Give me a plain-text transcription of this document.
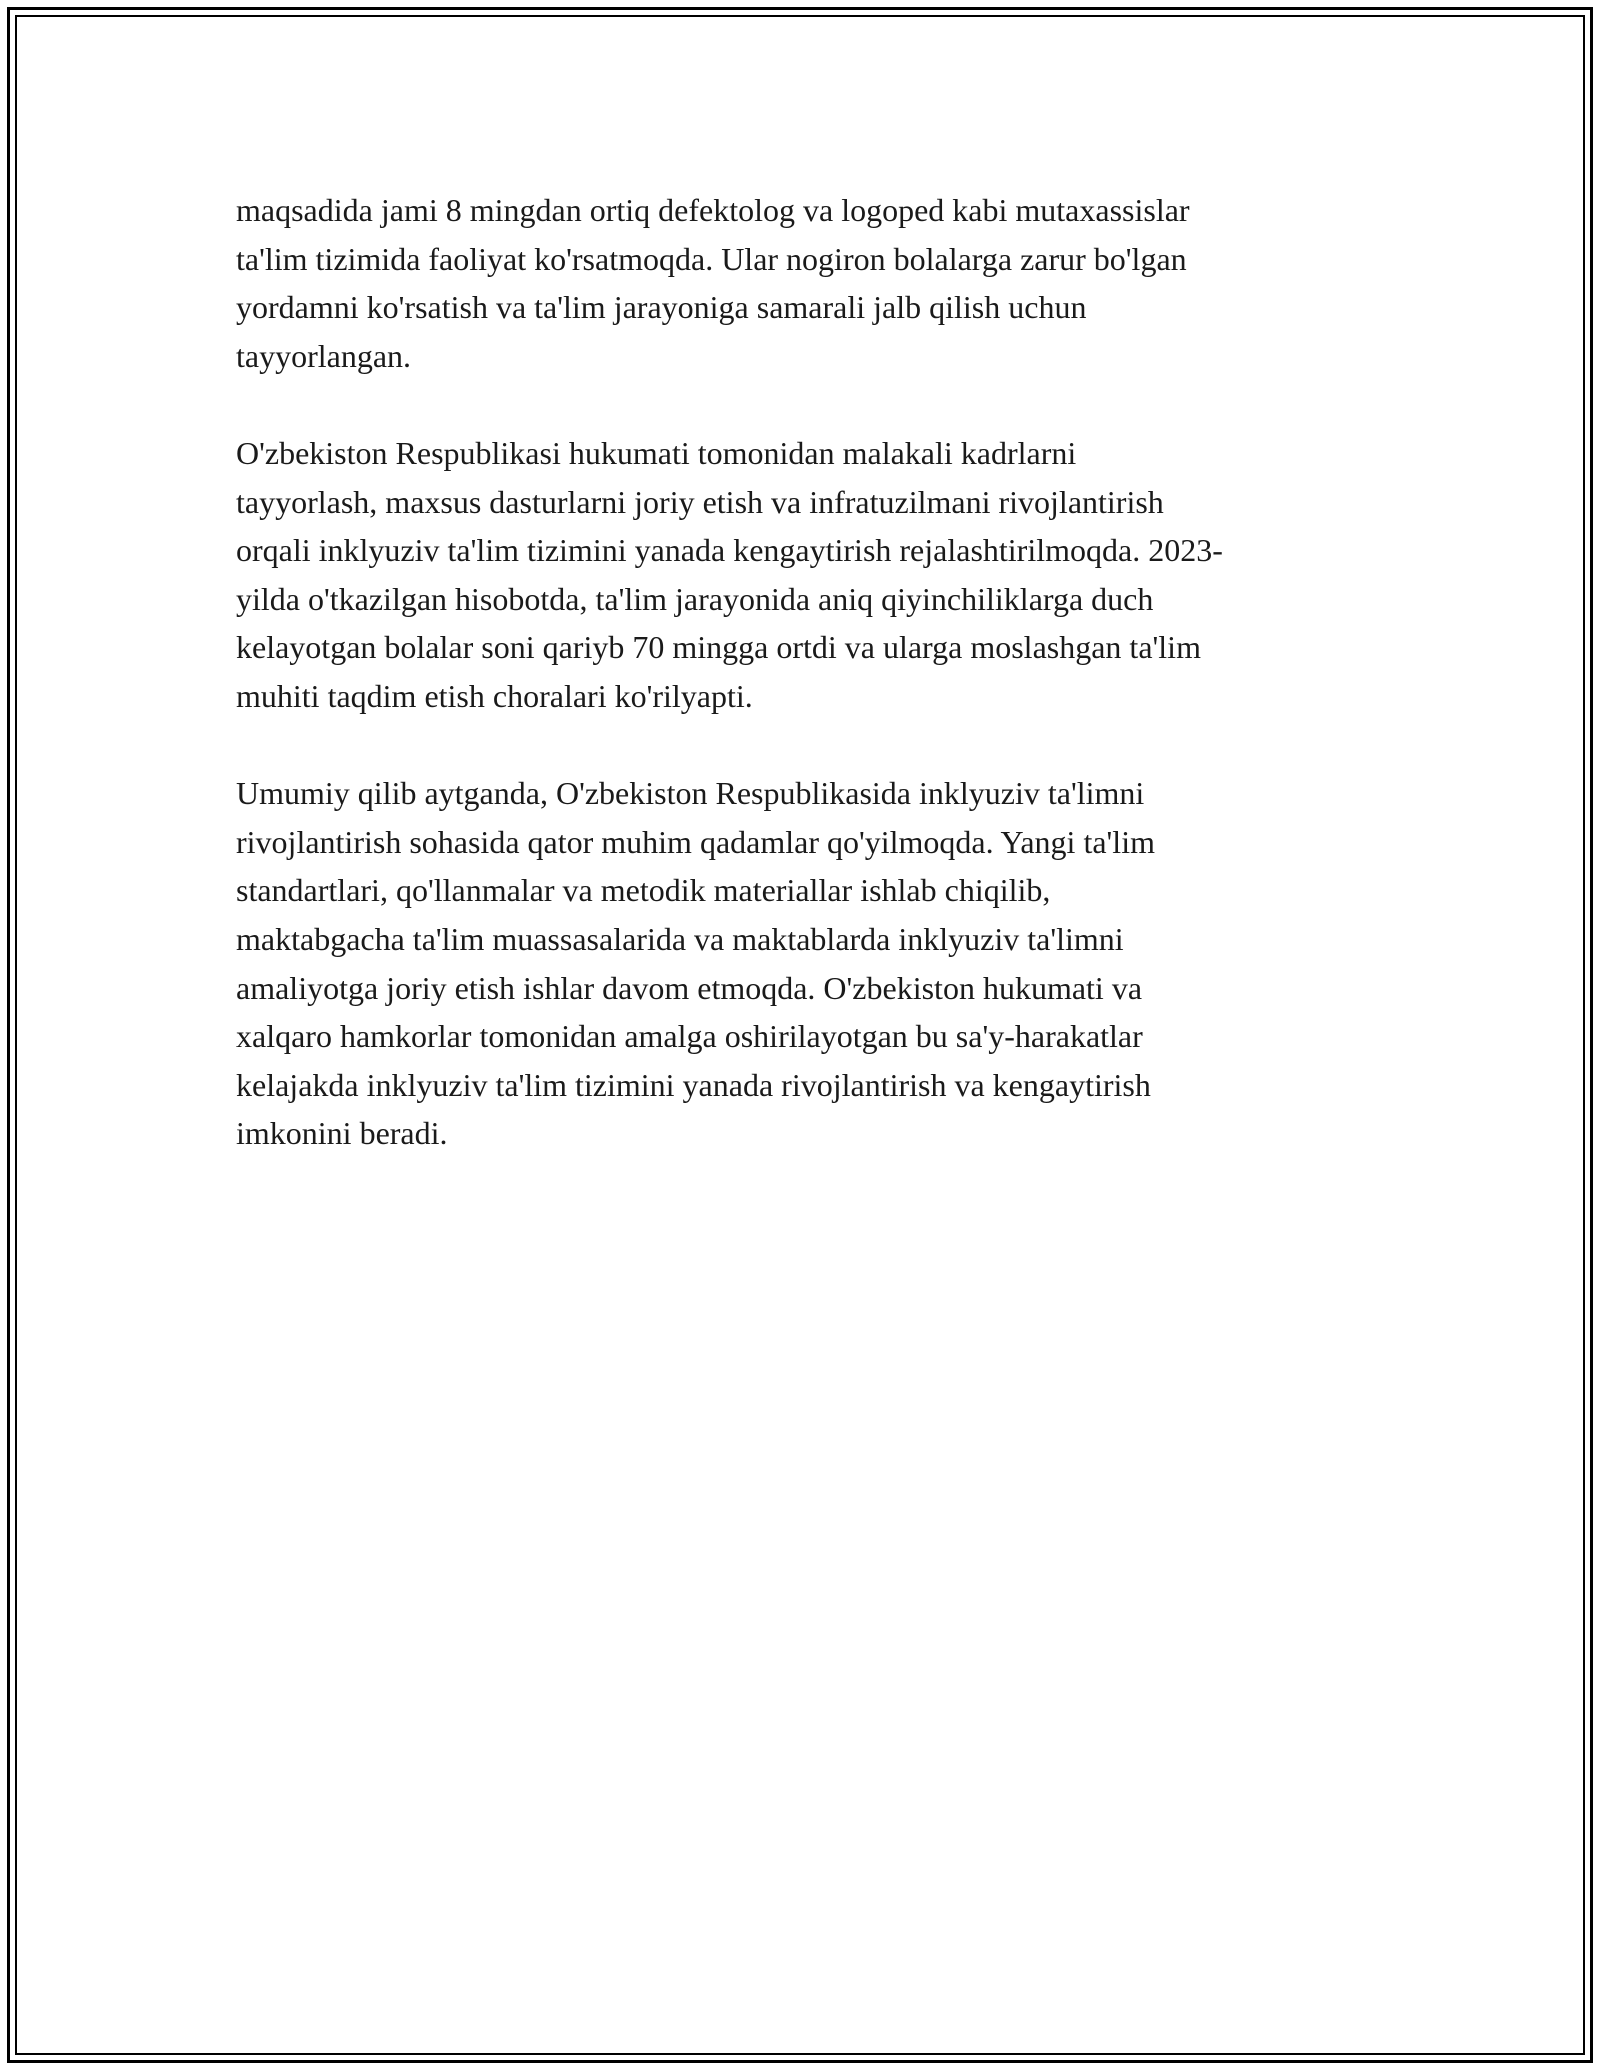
maqsadida jami 8 mingdan ortiq defektolog va logoped kabi mutaxassislar
ta'lim tizimida faoliyat ko'rsatmoqda. Ular nogiron bolalarga zarur bo'lgan
yordamni ko'rsatish va ta'lim jarayoniga samarali jalb qilish uchun
tayyorlangan.

O'zbekiston Respublikasi hukumati tomonidan malakali kadrlarni
tayyorlash, maxsus dasturlarni joriy etish va infratuzilmani rivojlantirish
orqali inklyuziv ta'lim tizimini yanada kengaytirish rejalashtirilmoqda. 2023-
yilda o'tkazilgan hisobotda, ta'lim jarayonida aniq qiyinchiliklarga duch
kelayotgan bolalar soni qariyb 70 mingga ortdi va ularga moslashgan ta'lim
muhiti taqdim etish choralari ko'rilyapti.

Umumiy qilib aytganda, O'zbekiston Respublikasida inklyuziv ta'limni
rivojlantirish sohasida qator muhim qadamlar qo'yilmoqda. Yangi ta'lim
standartlari, qo'llanmalar va metodik materiallar ishlab chiqilib,
maktabgacha ta'lim muassasalarida va maktablarda inklyuziv ta'limni
amaliyotga joriy etish ishlar davom etmoqda. O'zbekiston hukumati va
xalqaro hamkorlar tomonidan amalga oshirilayotgan bu sa'y-harakatlar
kelajakda inklyuziv ta'lim tizimini yanada rivojlantirish va kengaytirish
imkonini beradi.
